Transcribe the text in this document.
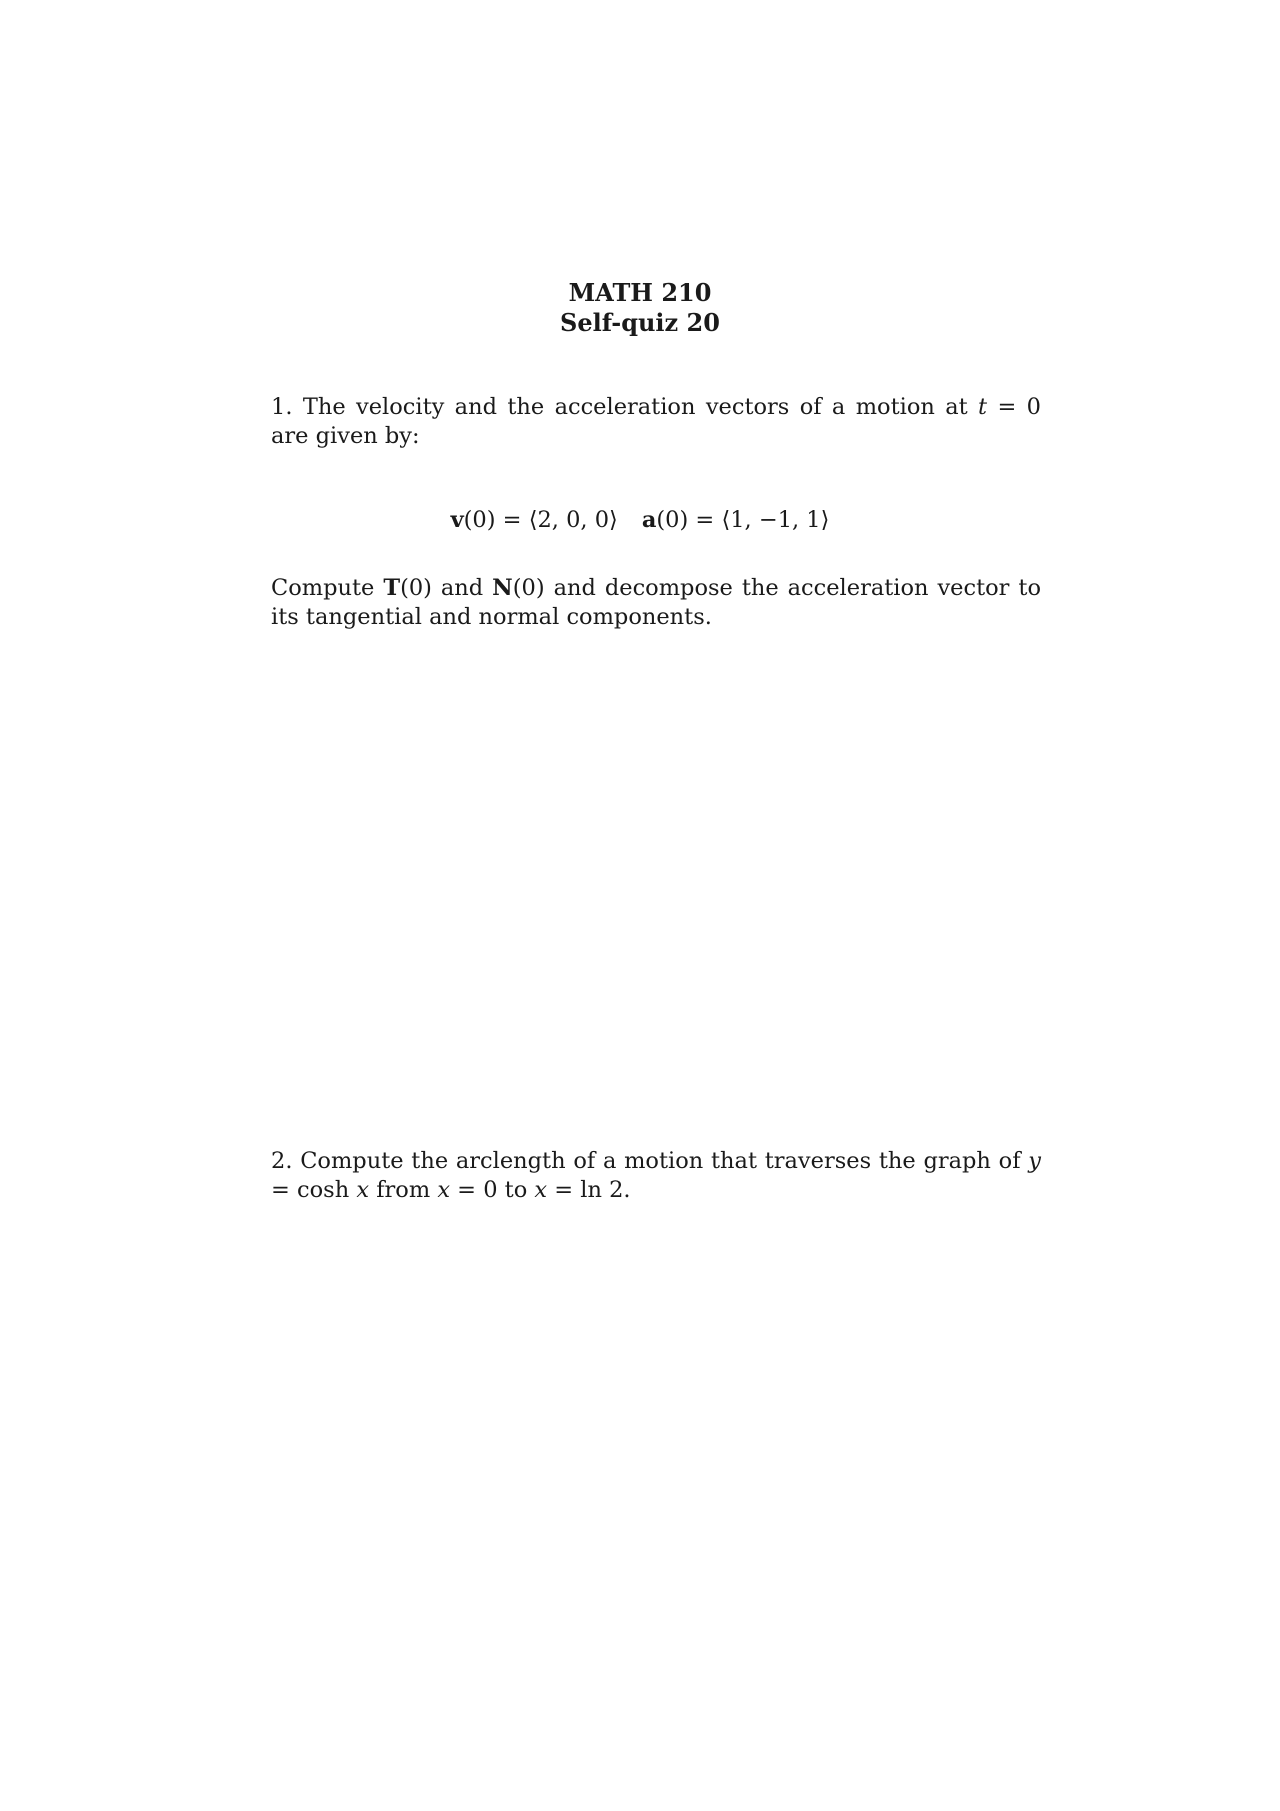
MATH 210
Self-quiz 20
1. The velocity and the acceleration vectors of a motion at t = 0 are given by:
v(0) = ⟨2, 0, 0⟩ a(0) = ⟨1, −1, 1⟩
Compute T(0) and N(0) and decompose the acceleration vector to its tangential and normal components.
2. Compute the arclength of a motion that traverses the graph of y = cosh x from x = 0 to x = ln 2.
